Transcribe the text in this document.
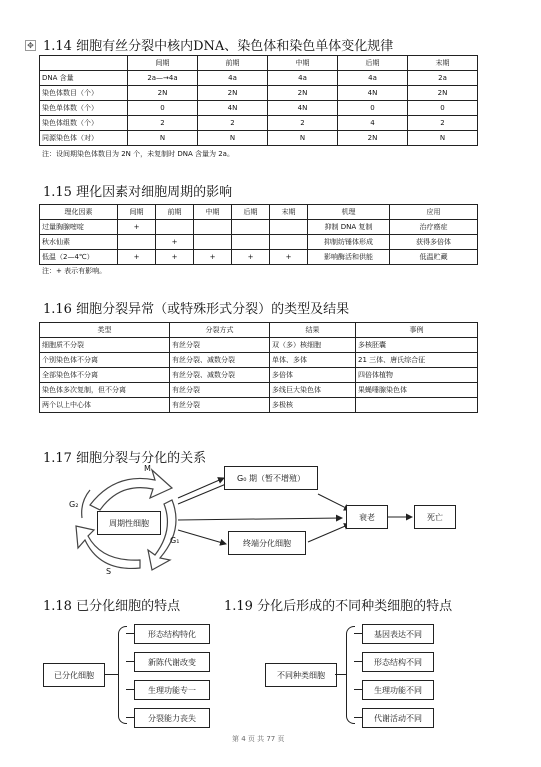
✥ 1.14 细胞有丝分裂中核内DNA、染色体和染色单体变化规律
	间期	前期	中期	后期	末期
DNA 含量	2a—→4a	4a	4a	4a	2a
染色体数目（个）	2N	2N	2N	4N	2N
染色单体数（个）	0	4N	4N	0	0
染色体组数（个）	2	2	2	4	2
同源染色体（对）	N	N	N	2N	N
注：设间期染色体数目为 2N 个，未复制时 DNA 含量为 2a。
1.15 理化因素对细胞周期的影响
理化因素	间期	前期	中期	后期	末期	机理	应用
过量胸腺嘧啶	+					抑制 DNA 复制	治疗癌症
秋水仙素		+				抑制纺锤体形成	获得多倍体
低温（2—4℃）	+	+	+	+	+	影响酶活和供能	低温贮藏
注：+ 表示有影响。
1.16 细胞分裂异常（或特殊形式分裂）的类型及结果
类型	分裂方式	结果	事例
细胞质不分裂	有丝分裂	双（多）核细胞	多核胚囊
个别染色体不分离	有丝分裂、减数分裂	单体、多体	21 三体、唐氏综合征
全部染色体不分离	有丝分裂、减数分裂	多倍体	四倍体植物
染色体多次复制，但不分离	有丝分裂	多线巨大染色体	果蝇唾腺染色体
两个以上中心体	有丝分裂	多极核	
1.17 细胞分裂与分化的关系
M
G₂
G₁
S
周期性细胞
G₀ 期（暂不增殖）
终端分化细胞
衰老	死亡
1.18 已分化细胞的特点
已分化细胞
形态结构特化
新陈代谢改变
生理功能专一
分裂能力丧失
1.19 分化后形成的不同种类细胞的特点
不同种类细胞
基因表达不同
形态结构不同
生理功能不同
代谢活动不同
第 4 页 共 77 页
